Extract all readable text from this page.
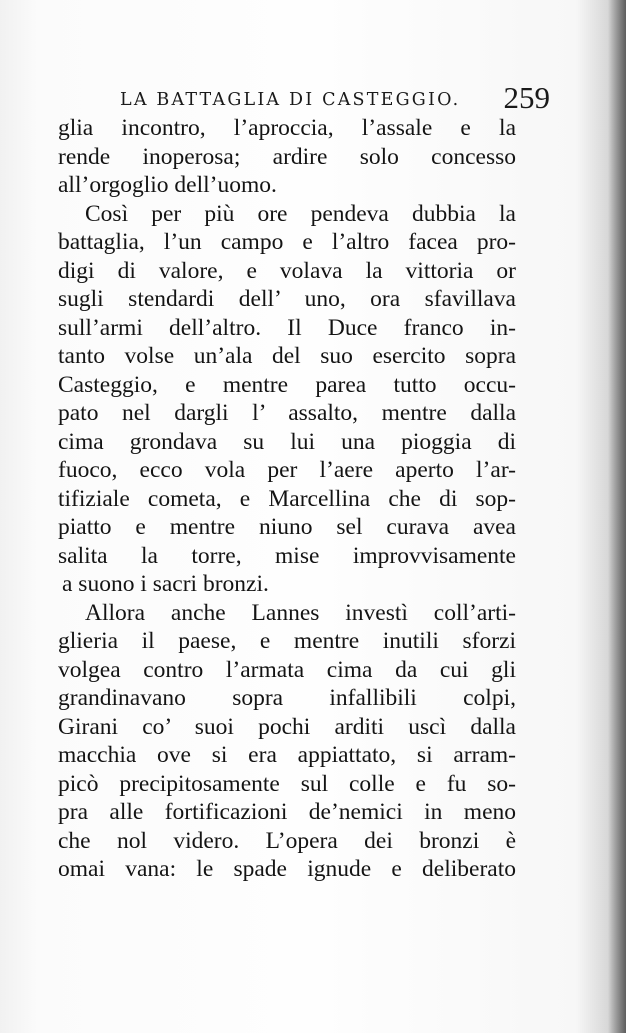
LA BATTAGLIA DI CASTEGGIO. 259
glia incontro, l’aproccia, l’assale e la
rende inoperosa; ardire solo concesso
all’orgoglio dell’uomo.
Così per più ore pendeva dubbia la
battaglia, l’un campo e l’altro facea pro-
digi di valore, e volava la vittoria or
sugli stendardi dell’ uno, ora sfavillava
sull’armi dell’altro. Il Duce franco in-
tanto volse un’ala del suo esercito sopra
Casteggio, e mentre parea tutto occu-
pato nel dargli l’ assalto, mentre dalla
cima grondava su lui una pioggia di
fuoco, ecco vola per l’aere aperto l’ar-
tifiziale cometa, e Marcellina che di sop-
piatto e mentre niuno sel curava avea
salita la torre, mise improvvisamente
a suono i sacri bronzi.
Allora anche Lannes investì coll’arti-
glieria il paese, e mentre inutili sforzi
volgea contro l’armata cima da cui gli
grandinavano sopra infallibili colpi,
Girani co’ suoi pochi arditi uscì dalla
macchia ove si era appiattato, si arram-
picò precipitosamente sul colle e fu so-
pra alle fortificazioni de’nemici in meno
che nol videro. L’opera dei bronzi è
omai vana: le spade ignude e deliberato
